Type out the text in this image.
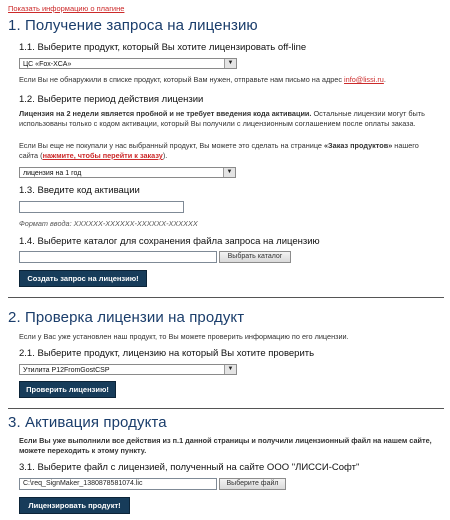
Показать информацию о плагине
1. Получение запроса на лицензию
1.1. Выберите продукт, который Вы хотите лицензировать off-line
ЦС «Fox-XCA»	▼
Если Вы не обнаружили в списке продукт, который Вам нужен, отправьте нам письмо на адрес info@lissi.ru.
1.2. Выберите период действия лицензии
Лицензия на 2 недели является пробной и не требует введения кода активации. Остальные лицензии могут быть использованы только с кодом активации, который Вы получили с лицензионным соглашением после оплаты заказа.
Если Вы еще не покупали у нас выбранный продукт, Вы можете это сделать на странице «Заказ продуктов» нашего сайта (нажмите, чтобы перейти к заказу).
лицензия на 1 год	▼
1.3. Введите код активации
Формат ввода: XXXXXX-XXXXXX-XXXXXX-XXXXXX
1.4. Выберите каталог для сохранения файла запроса на лицензию
Выбрать каталог
Создать запрос на лицензию!
2. Проверка лицензии на продукт
Если у Вас уже установлен наш продукт, то Вы можете проверить информацию по его лицензии.
2.1. Выберите продукт, лицензию на который Вы хотите проверить
Утилита P12FromGostCSP	▼
Проверить лицензию!
3. Активация продукта
Если Вы уже выполнили все действия из п.1 данной страницы и получили лицензионный файл на нашем сайте, можете переходить к этому пункту.
3.1. Выберите файл с лицензией, полученный на сайте ООО "ЛИССИ-Софт"
C:\req_SignMaker_1380878581074.lic	Выберите файл
Лицензировать продукт!
